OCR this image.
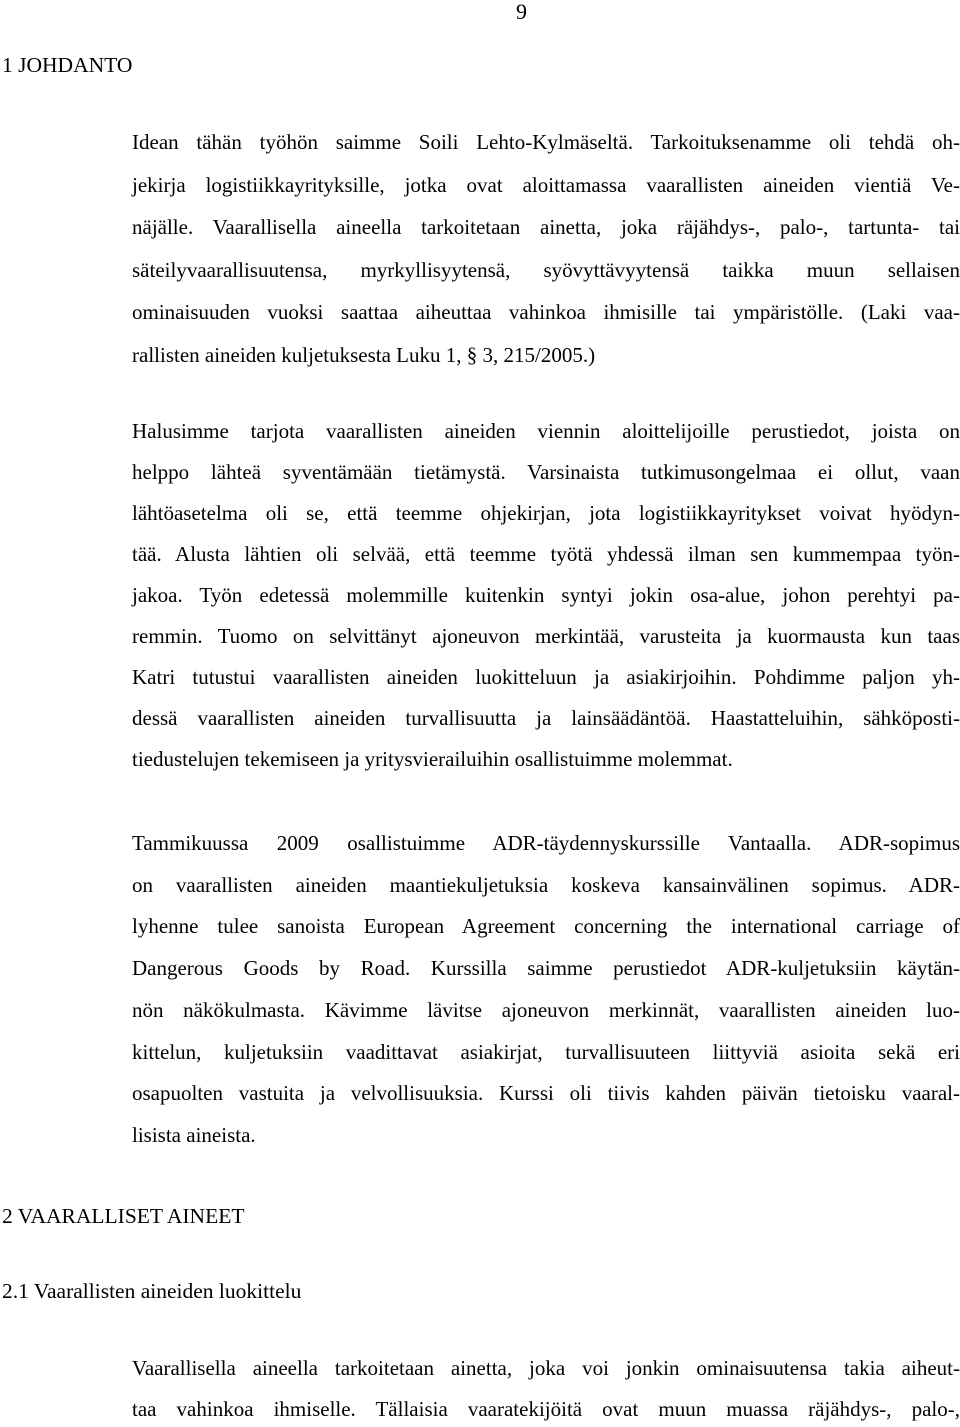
9
1 JOHDANTO
Idean tähän työhön saimme Soili Lehto-Kylmäseltä. Tarkoituksenamme oli tehdä oh-
jekirja logistiikkayrityksille, jotka ovat aloittamassa vaarallisten aineiden vientiä Ve-
näjälle. Vaarallisella aineella tarkoitetaan ainetta, joka räjähdys-, palo-, tartunta- tai
säteilyvaarallisuutensa, myrkyllisyytensä, syövyttävyytensä taikka muun sellaisen
ominaisuuden vuoksi saattaa aiheuttaa vahinkoa ihmisille tai ympäristölle. (Laki vaa-
rallisten aineiden kuljetuksesta Luku 1, § 3, 215/2005.)
Halusimme tarjota vaarallisten aineiden viennin aloittelijoille perustiedot, joista on
helppo lähteä syventämään tietämystä. Varsinaista tutkimusongelmaa ei ollut, vaan
lähtöasetelma oli se, että teemme ohjekirjan, jota logistiikkayritykset voivat hyödyn-
tää. Alusta lähtien oli selvää, että teemme työtä yhdessä ilman sen kummempaa työn-
jakoa. Työn edetessä molemmille kuitenkin syntyi jokin osa-alue, johon perehtyi pa-
remmin. Tuomo on selvittänyt ajoneuvon merkintää, varusteita ja kuormausta kun taas
Katri tutustui vaarallisten aineiden luokitteluun ja asiakirjoihin. Pohdimme paljon yh-
dessä vaarallisten aineiden turvallisuutta ja lainsäädäntöä. Haastatteluihin, sähköposti-
tiedustelujen tekemiseen ja yritysvierailuihin osallistuimme molemmat.
Tammikuussa 2009 osallistuimme ADR-täydennyskurssille Vantaalla. ADR-sopimus
on vaarallisten aineiden maantiekuljetuksia koskeva kansainvälinen sopimus. ADR-
lyhenne tulee sanoista European Agreement concerning the international carriage of
Dangerous Goods by Road. Kurssilla saimme perustiedot ADR-kuljetuksiin käytän-
nön näkökulmasta. Kävimme lävitse ajoneuvon merkinnät, vaarallisten aineiden luo-
kittelun, kuljetuksiin vaadittavat asiakirjat, turvallisuuteen liittyviä asioita sekä eri
osapuolten vastuita ja velvollisuuksia. Kurssi oli tiivis kahden päivän tietoisku vaaral-
lisista aineista.
2 VAARALLISET AINEET
2.1 Vaarallisten aineiden luokittelu
Vaarallisella aineella tarkoitetaan ainetta, joka voi jonkin ominaisuutensa takia aiheut-
taa vahinkoa ihmiselle. Tällaisia vaaratekijöitä ovat muun muassa räjähdys-, palo-,
